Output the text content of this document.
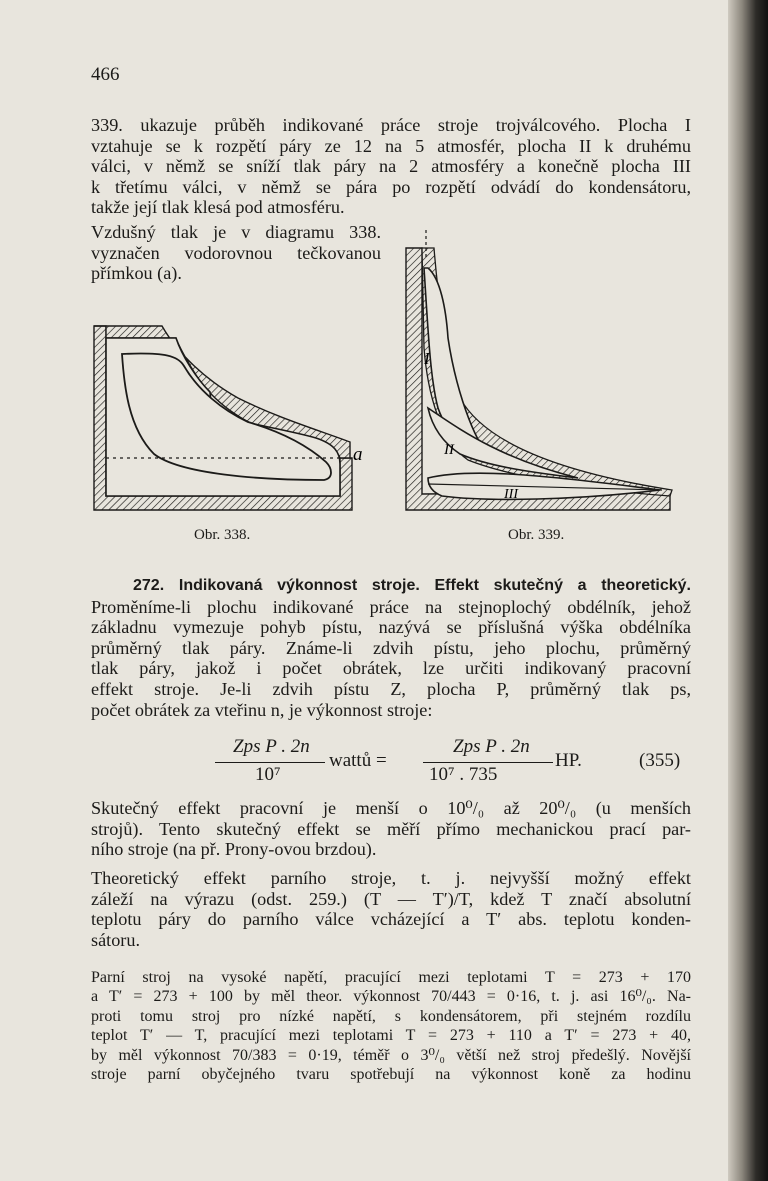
466
339. ukazuje průběh indikované práce stroje trojválcového. Plocha I
vztahuje se k rozpětí páry ze 12 na 5 atmosfér, plocha II k druhému
válci, v němž se sníží tlak páry na 2 atmosféry a konečně plocha III
k třetímu válci, v němž se pára po rozpětí odvádí do kondensátoru,
takže její tlak klesá pod atmosféru.
Vzdušný tlak je v diagramu 338.
vyznačen vodorovnou tečkovanou
přímkou (a).
a
I
II
III
Obr. 338.	Obr. 339.
272. Indikovaná výkonnost stroje. Effekt skutečný a theoretický.
Proměníme-li plochu indikované práce na stejnoplochý obdélník, jehož
základnu vymezuje pohyb pístu, nazývá se příslušná výška obdélníka
průměrný tlak páry. Známe-li zdvih pístu, jeho plochu, průměrný
tlak páry, jakož i počet obrátek, lze určiti indikovaný pracovní
effekt stroje. Je-li zdvih pístu Z, plocha P, průměrný tlak ps,
počet obrátek za vteřinu n, je výkonnost stroje:
Zps P . 2n
10⁷
wattů =
Zps P . 2n
10⁷ . 735
HP.	(355)
Skutečný effekt pracovní je menší o 10⁰/₀ až 20⁰/₀ (u menších
strojů). Tento skutečný effekt se měří přímo mechanickou prací par-
ního stroje (na př. Prony-ovou brzdou).
Theoretický effekt parního stroje, t. j. nejvyšší možný effekt
záleží na výrazu (odst. 259.) (T — T′)/T, kdež T značí absolutní
teplotu páry do parního válce vcházející a T′ abs. teplotu konden-
sátoru.
Parní stroj na vysoké napětí, pracující mezi teplotami T = 273 + 170
a T′ = 273 + 100 by měl theor. výkonnost 70/443 = 0·16, t. j. asi 16⁰/₀. Na-
proti tomu stroj pro nízké napětí, s kondensátorem, při stejném rozdílu
teplot T′ — T, pracující mezi teplotami T = 273 + 110 a T′ = 273 + 40,
by měl výkonnost 70/383 = 0·19, téměř o 3⁰/₀ větší než stroj předešlý. Novější
stroje parní obyčejného tvaru spotřebují na výkonnost koně za hodinu
